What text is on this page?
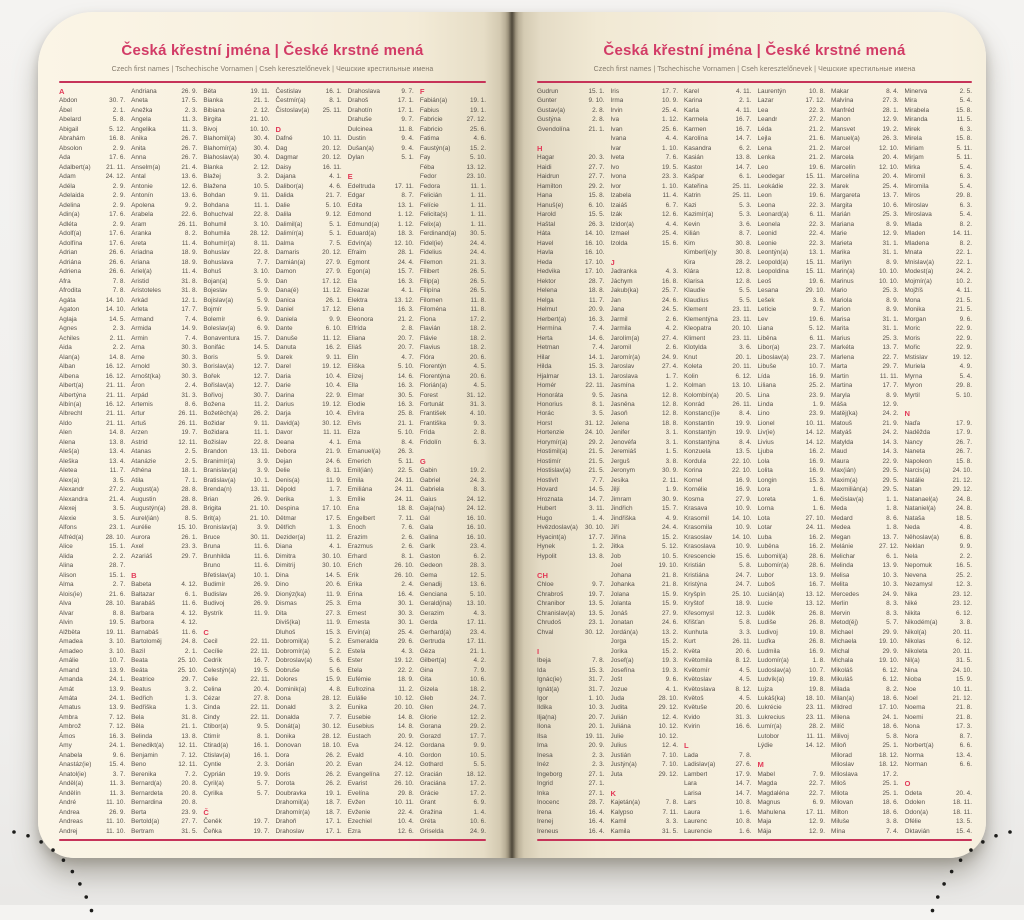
Česká křestní jména | České krstné mená
Czech first names | Tschechische Vornamen | Cseh keresztelőnevek | Чешские крестильные имена
A
Abdon	30. 7.
Ábel	2. 1.
Abelard	5. 8.
Abigail	5. 12.
Abrahám	16. 8.
Absolon	2. 9.
Ada	17. 6.
Adalbert(a) 21. 11.
Adam	24. 12.
Adéla	2. 9.
Adelaida	2. 9.
Adelina	2. 9.
Adin(a)	17. 6.
Adléta	2. 9.
Adolf(a)	17. 6.
Adolfína	17. 6.
Adrian	26. 6.
Adriána	26. 6.
Adriena	26. 6.
Afra	7. 8.
Afrodita	7. 8.
Agáta	14. 10.
Agaton	14. 10.
Aglaja	14. 5.
Agnes	2. 3.
Achiles	2. 11.
Aida	2. 2.
Alan(a)	14. 8.
Alban	16. 12.
Albena	16. 12.
Albert(a)	21. 11.
Albertýna	21. 11.
Albín(a)	16. 12.
Albrecht	21. 11.
Aldo	21. 11.
Alen	14. 8.
Alena	13. 8.
Aleš(a)	13. 4.
Aleška	13. 4.
Aletea	11. 7.
Alex(a)	3. 5.
Alexandr	27. 2.
Alexandra	21. 4.
Alexej	3. 5.
Alexie	3. 5.
Alfons	23. 1.
Alfréd(a)	28. 10.
Alice	15. 1.
Alida	2. 2.
Alina	28. 7.
Alison	15. 1.
Alma	2. 7.
Alois(ie)	21. 6.
Alva	28. 10.
Alvar	8. 8.
Alvin	19. 5.
Alžběta	19. 11.
Amadea	3. 10.
Amadeo	3. 10.
Amálie	10. 7.
Amand	13. 9.
Amanda	24. 1.
Amát	13. 9.
Amáta	24. 1.
Amatus	13. 9.
Ambra	7. 12.
Ambrož	7. 12.
Ámos	16. 3.
Amy	24. 1.
Anabela	9. 6.
Anastáz(ie)	15. 4.
Anatol(ie)	3. 7.
Anděl(a)	11. 3.
Andělín	11. 3.
André	11. 10.
Andrea	26. 9.
Andreas	11. 10.
Andrej	11. 10.
Andriana	26. 9.
Aneta	17. 5.
Anežka	2. 3.
Angela	11. 3.
Angelika	11. 3.
Anika	26. 7.
Anita	26. 7.
Anna	26. 7.
Anselm(a)	21. 4.
Antal	13. 6.
Antonie	12. 6.
Antonín	13. 6.
Apolena	9. 2.
Arabela	22. 6.
Aram	26. 11.
Aranka	8. 2.
Areta	11. 4.
Ariadna	18. 9.
Ariana	18. 9.
Ariel(a)	11. 4.
Aristid	31. 8.
Aristoteles	31. 8.
Arkád	12. 1.
Arleta	17. 7.
Armand	7. 4.
Armida	14. 9.
Armin	7. 4.
Arna	30. 3.
Arne	30. 3.
Arnold	30. 3.
Arnošt(ka)	30. 3.
Áron	2. 4.
Arpád	31. 3.
Artemis	8. 6.
Artur	26. 11.
Artuš	26. 11.
Arzen	19. 7.
Astrid	12. 11.
Atanas	2. 5.
Atanázie	2. 5.
Athéna	18. 1.
Atila	7. 1.
August(a)	28. 8.
Augustin	28. 8.
Augustýn(a) 28. 8.
Aurel(ián)	8. 5.
Aurélie	15. 10.
Aurora	26. 1.
Axel	23. 3.
Azariáš	29. 7.
B
Babeta	4. 12.
Baltazar	6. 1.
Barabáš	11. 6.
Barbara	4. 12.
Barbora	4. 12.
Barnabáš	11. 6.
Bartoloměj	24. 8.
Bazil	2. 1.
Beata	25. 10.
Beáta	25. 10.
Beatrice	29. 7.
Beatus	3. 2.
Bedřich	1. 3.
Bedřiška	1. 3.
Bela	31. 8.
Běla	21. 1.
Belinda	13. 8.
Benedikt(a) 12. 11.
Benjamin	7. 12.
Beno	12. 11.
Berenika	7. 2.
Bernard(a)	20. 8.
Bernardeta	20. 8.
Bernardina	20. 8.
Berta	23. 9.
Bertold(a)	27. 7.
Bertram	31. 5.
Běta	19. 11.
Bianka	21. 1.
Bibiana	2. 12.
Birgita	21. 10.
Bivoj	10. 10.
Blahomil(a)	30. 4.
Blahomír(a)	30. 4.
Blahoslav(a) 30. 4.
Blanka	2. 12.
Blažej	3. 2.
Blažena	10. 5.
Bohdan	9. 11.
Bohdana	11. 1.
Bohuchval	22. 8.
Bohumil	3. 10.
Bohumila	28. 12.
Bohumír(a)	8. 11.
Bohuslav	22. 8.
Bohuslava	7. 7.
Bohuš	3. 10.
Bojan(a)	5. 9.
Bojeslav	5. 9.
Bojislav(a)	5. 9.
Bojmír	5. 9.
Bolemír	6. 9.
Boleslav(a)	6. 9.
Bonaventura 15. 7.
Bonifác	14. 5.
Boris	5. 9.
Borislav(a)	12. 7.
Bořek	12. 7.
Bořislav(a)	12. 7.
Bořivoj	30. 7.
Božena	11. 2.
Božetěch(a) 26. 2.
Božidar	9. 11.
Božidara	11. 1.
Božislav	22. 8.
Brandon	13. 11.
Branimír(a)	3. 9.
Branislav(a)	3. 9.
Bratislav(a)	10. 1.
Brenda(n)	13. 11.
Brian	26. 9.
Brigita	21. 10.
Brit(a)	21. 10.
Bronislav(a)	3. 9.
Bruce	30. 11.
Bruna	11. 6.
Brunhilda	11. 6.
Bruno	11. 6.
Břetislav(a)	10. 1.
Budimír	26. 9.
Budislav	26. 9.
Budivoj	26. 9.
Bystrík	11. 9.
C
Cecil	22. 11.
Cecílie	22. 11.
Cedrik	16. 7.
Celestýn(a)	19. 5.
Celie	22. 11.
Celina	20. 4.
Cézar	27. 8.
Cinda	22. 11.
Cindy	22. 11.
Ctibor(a)	9. 5.
Ctimír	8. 1.
Ctirad(a)	16. 1.
Ctislav(a)	16. 1.
Cyntie	2. 3.
Cyprián	19. 9.
Cyril(a)	5. 7.
Cyrilka	5. 7.
Č
Čeněk	19. 7.
Čeňka	19. 7.
Čestislav	16. 1.
Čestmír(a)	8. 1.
Čistoslav(a) 25. 11.
D
Dafné	10. 11.
Dag	20. 12.
Dagmar	20. 12.
Daisy	16. 11.
Dajana	4. 1.
Dalibor(a)	4. 6.
Dalida	21. 7.
Dalie	5. 10.
Dalila	9. 12.
Dalimil(a)	5. 1.
Dalimír(a)	5. 1.
Dalma	7. 5.
Damaris	20. 12.
Damián(a)	27. 9.
Damon	27. 9.
Dan	17. 12.
Dana(é)	11. 12.
Danica	26. 1.
Daniel	17. 12.
Daniela	9. 9.
Dante	6. 10.
Danuše	11. 12.
Danuta	16. 2.
Darek	9. 11.
Darel	19. 12.
Daria	10. 4.
Darie	10. 4.
Darina	22. 9.
Darius	19. 12.
Darja	10. 4.
David(a)	30. 12.
Davor	11. 11.
Deana	4. 1.
Debora	21. 9.
Dejan	24. 6.
Delie	8. 11.
Denis(a)	11. 9.
Děpold	1. 7.
Derika	1. 3.
Despina	17. 10.
Dětmar	17. 5.
Dětřich	1. 3.
Dezider(a)	11. 2.
Diana	4. 1.
Dimitra	30. 10.
Dimitrij	30. 10.
Dina	14. 5.
Dino	20. 6.
Dionýz(ka)	11. 9.
Dismas	25. 3.
Dita	27. 3.
Diviš(ka)	11. 9.
Dluhoš	15. 3.
Dobromil(a)	5. 2.
Dobromír(a)	5. 2.
Dobroslav(a)	5. 6.
Dobruše	5. 6.
Dolores	15. 9.
Dominik(a)	4. 8.
Dona	28. 12.
Donald	3. 2.
Donalda	7. 7.
Donát(a)	30. 12.
Donika	28. 12.
Donovan	18. 10.
Dora	26. 2.
Dorián	20. 2.
Doris	26. 2.
Dorota	26. 2.
Doubravka	19. 1.
Drahomil(a)	18. 7.
Drahomír(a) 18. 7.
Drahoň	17. 1.
Drahoslav	17. 1.
Drahoslava	9. 7.
Drahoš	17. 1.
Drahotín	17. 1.
Drahuše	9. 7.
Dulcinea	11. 8.
Dustin	9. 4.
Dušan(a)	9. 4.
Dylan	5. 1.
E
Edeltruda	17. 11.
Edgar	8. 7.
Edita	13. 1.
Edmond	1. 12.
Edmund(a)	1. 12.
Eduard(a)	18. 3.
Edvín(a)	12. 10.
Efraim	28. 1.
Egmont	24. 4.
Egon(a)	15. 7.
Ela	16. 3.
Eleazar	4. 1.
Elektra	13. 12.
Elena	16. 3.
Eleonora	21. 2.
Elfrída	2. 8.
Eliana	20. 7.
Eliáš	20. 7.
Elin	4. 7.
Eliška	5. 10.
Elizej	14. 6.
Ella	16. 3.
Elmar	30. 5.
Elodie	16. 3.
Elvíra	25. 8.
Elvis	21. 1.
Elza	5. 10.
Ema	8. 4.
Emanuel(a)	26. 3.
Emerich	5. 11.
Emil(ián)	22. 5.
Emila	24. 11.
Emiliána	24. 11.
Emílie	24. 11.
Ena	18. 8.
Engelbert	7. 11.
Enoch	7. 6.
Erazim	2. 6.
Erazmus	2. 6.
Erhard	8. 1.
Erich	26. 10.
Erik	26. 10.
Erika	2. 4.
Erina	16. 4.
Erna	30. 1.
Ernest	30. 3.
Ernesta	30. 1.
Ervín(a)	25. 4.
Esmeralda	29. 6.
Estela	4. 3.
Ester	19. 12.
Etela	22. 2.
Eufémie	18. 9.
Eufrozina	11. 2.
Eulálie	10. 12.
Eunika	20. 10.
Eusebie	14. 8.
Eusebius	14. 8.
Eustach	20. 9.
Eva	24. 12.
Evald	4. 10.
Evan	24. 12.
Evangelína 27. 12.
Evarist	26. 10.
Evelína	29. 8.
Evžen	10. 11.
Evženie	22. 4.
Ezechiel	10. 4.
Ezra	12. 6.
F
Fabián(a)	19. 1.
Fabius	19. 1.
Fabricie	27. 12.
Fabricio	25. 6.
Fatima	4. 6.
Faustýn(a)	15. 2.
Fay	5. 10.
Féba	13. 12.
Fedor	23. 10.
Fedora	11. 1.
Felicián	1. 11.
Felície	1. 11.
Felicita(s)	1. 11.
Felix(a)	1. 11.
Ferdinand(a) 30. 5.
Fidel(ie)	24. 4.
Fidelius	24. 4.
Filemon	21. 3.
Filibert	26. 5.
Filip(a)	26. 5.
Filipína	26. 5.
Filomen	11. 8.
Filoména	11. 8.
Fiona	17. 2.
Flavián	18. 2.
Flávie	18. 2.
Flavius	18. 2.
Flóra	20. 6.
Florentýn	4. 5.
Florentýna	20. 6.
Florián(a)	4. 5.
Forest	31. 12.
Fortunát	31. 3.
František	4. 10.
Františka	9. 3.
Frída	2. 8.
Fridolín	6. 3.
G
Gabin	19. 2.
Gabriel	24. 3.
Gabriela	8. 3.
Gaius	24. 12.
Gaja(na)	24. 12.
Gál	16. 10.
Gala	16. 10.
Galina	16. 10.
Garik	23. 4.
Gaston	6. 2.
Gedeon	28. 3.
Gema	12. 5.
Genadij	13. 6.
Genciana	5. 10.
Gerald(ina) 13. 10.
Gerazim	4. 3.
Gerda	17. 11.
Gerhard(a)	23. 4.
Gertruda	17. 11.
Géza	21. 1.
Gilbert(a)	4. 2.
Gina	7. 9.
Gita	10. 6.
Gizela	18. 2.
Gleb	24. 7.
Glen	24. 7.
Glorie	12. 2.
Gorana	29. 2.
Gorazd	17. 7.
Gordana	9. 9.
Gordon	10. 5.
Gothard	5. 5.
Gracián	18. 12.
Graciána	17. 2.
Grácie	17. 2.
Grant	6. 9.
Gražina	1. 4.
Gréta	10. 6.
Griselda	24. 9.
Česká křestní jména | České krstné mená
Czech first names | Tschechische Vornamen | Cseh keresztelőnevek | Чешские крестильные имена
Gudrun	15. 1.
Gunter	9. 10.
Gustav(a)	2. 8.
Gustýna	2. 8.
Gvendolína	21. 1.
H
Hagar	20. 3.
Haidi	27. 7.
Haidrun	27. 7.
Hamilton	29. 2.
Hana	15. 8.
Hanuš(e)	6. 10.
Harold	15. 5.
Haštal	26. 3.
Háta	14. 10.
Havel	16. 10.
Havla	16. 10.
Heda	17. 10.
Hedvika	17. 10.
Hektor	28. 7.
Helena	18. 8.
Helga	11. 7.
Helmut	20. 9.
Herbert(a)	16. 3.
Hermína	7. 4.
Herta	14. 6.
Hetman	7. 4.
Hilar	14. 1.
Hilda	15. 3.
Hjalmar	13. 1.
Homér	22. 11.
Honoráta	9. 5.
Honorius	8. 1.
Horác	3. 5.
Horst	31. 12.
Hortenzie	24. 10.
Horymír(a)	29. 2.
Hostimil(a)	21. 5.
Hostimír	21. 5.
Hostislav(a)	21. 5.
Hostivít	7. 7.
Hovard	14. 5.
Hroznata	14. 7.
Hubert	3. 11.
Hugo	1. 4.
Hvězdoslav(a) 30. 10.
Hyacint(a)	17. 7.
Hynek	1. 2.
Hypolit	13. 8.
CH
Chloe	9. 7.
Chrabroš	19. 7.
Chranibor	13. 5.
Chranislav(a) 13. 5.
Chrudoš	23. 1.
Chval	30. 12.
I
Ibeja	7. 8.
Ida	15. 3.
Ignác(ie)	31. 7.
Ignát(a)	31. 7.
Igor	1. 10.
Ildika	10. 3.
Ilja(na)	20. 7.
Ilona	20. 1.
Ilsa	19. 11.
Ima	20. 9.
Inesa	2. 3.
Inéz	2. 3.
Ingeborg	27. 1.
Ingrid	27. 1.
Inka	27. 1.
Inocenc	28. 7.
Irena	16. 4.
Irenej	16. 4.
Ireneus	16. 4.
Iris	17. 7.
Irma	10. 9.
Irvin	25. 4.
Iva	1. 12.
Ivan	25. 6.
Ivana	4. 4.
Ivar	1. 10.
Iveta	7. 6.
Ivo	19. 5.
Ivona	23. 3.
Ivor	1. 10.
Izabela	11. 4.
Izaiáš	6. 7.
Izák	12. 6.
Izidor(a)	4. 4.
Izmael	25. 4.
Izolda	15. 6.
J
Jadranka	4. 3.
Jáchym	16. 8.
Jakub(ka)	25. 7.
Jan	24. 6.
Jana	24. 5.
Jarmil	2. 6.
Jarmila	4. 2.
Jarolím(a)	27. 4.
Jaromil	2. 6.
Jaromír(a)	24. 9.
Jaroslav	27. 4.
Jaroslava	1. 7.
Jasmína	1. 2.
Jasna	12. 8.
Jasněna	12. 8.
Jasoň	12. 8.
Jelena	18. 8.
Jenifer	3. 1.
Jenovéfa	3. 1.
Jeremiáš	1. 5.
Jerguš	3. 8.
Jeronym	30. 9.
Jesika	2. 11.
Jiljí	1. 9.
Jimram	30. 9.
Jindřich	15. 7.
Jindřiška	4. 9.
Jiří	24. 4.
Jiřina	15. 2.
Jitka	5. 12.
Job	10. 5.
Joel	19. 10.
Johana	21. 8.
Johanka	21. 8.
Jolana	15. 9.
Jolanta	15. 9.
Jonáš	27. 9.
Jonatan	24. 6.
Jordán(a)	13. 2.
Jorga	15. 2.
Jorika	15. 2.
Josef(a)	19. 3.
Josefína	19. 3.
Jošt	9. 6.
Jozue	4. 1.
Juda	28. 10.
Judita	29. 12.
Julián	12. 4.
Juliána	10. 12.
Julie	10. 12.
Julius	12. 4.
Justián	7. 10.
Justýn(a)	7. 10.
Juta	29. 12.
K
Kajetán(a)	7. 8.
Kalypso	7. 11.
Kamil	3. 3.
Kamila	31. 5.
Karel	4. 11.
Karina	2. 1.
Karla	4. 11.
Karmela	16. 7.
Karmen	16. 7.
Karolína	14. 7.
Kasandra	6. 2.
Kasián	13. 8.
Kastor	14. 7.
Kašpar	6. 1.
Kateřina	25. 11.
Katrin	25. 11.
Kazi	5. 3.
Kazimír(a)	5. 3.
Kevin	3. 6.
Kilián	8. 7.
Kim	30. 8.
Kimberl(e)y	30. 8.
Kira	28. 2.
Klára	12. 8.
Klarisa	12. 8.
Klaudie	5. 5.
Klaudius	5. 5.
Klement	23. 11.
Klementýna 23. 11.
Kleopatra	20. 10.
Kliment	23. 11.
Klotylda	3. 6.
Knut	20. 1.
Koleta	20. 11.
Kolin	6. 12.
Kolman	13. 10.
Kolombín(a)	20. 5.
Konrád	26. 11.
Konstanc(i)e	8. 4.
Konstantin	19. 9.
Konstantýn	19. 9.
Konstantýna	8. 4.
Konzuela	13. 5.
Kordula	22. 10.
Korina	22. 10.
Kornel	16. 9.
Kornélie	16. 9.
Kosma	27. 9.
Krasava	10. 9.
Krasomil	14. 10.
Krasomila	10. 9.
Krasoslav	14. 10.
Krasoslava	10. 9.
Krescencie	15. 6.
Kristián	5. 8.
Kristiána	24. 7.
Kristýna	24. 7.
Kryšpín	25. 10.
Kryštof	18. 9.
Křesomysl	12. 3.
Křišťan	5. 8.
Kunhuta	3. 3.
Kurt	26. 11.
Květa	20. 6.
Květomila	8. 12.
Květomír	4. 5.
Květoslav	4. 5.
Květoslava	8. 12.
Květoš	4. 5.
Květuše	20. 6.
Kvido	31. 3.
Kvirin	16. 6.
L
Lada	7. 8.
Ladislav(a)	27. 6.
Lambert	17. 9.
Lara	14. 7.
Larisa	14. 7.
Lars	10. 8.
Laura	1. 6.
Laurenc	10. 8.
Laurencie	1. 6.
Laurentýn	10. 8.
Lazar	17. 12.
Lea	22. 3.
Leandr	27. 2.
Léda	21. 2.
Lejla	21. 6.
Lena	21. 2.
Lenka	21. 2.
Leo	19. 6.
Leodegar	15. 11.
Leokádie	22. 3.
Leon	19. 6.
Leona	22. 3.
Leonard(a)	6. 11.
Leonela	22. 3.
Leonid	22. 4.
Leonie	22. 3.
Leontýn(a)	13. 1.
Leopold(a)	15. 11.
Leopoldina	15. 11.
Leoš	19. 6.
Lesana	29. 10.
Lešek	3. 6.
Letície	9. 7.
Lev	19. 6.
Liana	5. 12.
Liběna	6. 11.
Libor(a)	23. 7.
Liboslav(a)	23. 7.
Libuše	10. 7.
Lída	16. 9.
Liliana	25. 2.
Lina	23. 9.
Linda	1. 9.
Lino	23. 9.
Lionel	10. 11.
Liv(ie)	14. 12.
Livius	14. 12.
Ljuba	16. 2.
Lola	16. 9.
Lolita	16. 9.
Longin	15. 3.
Lora	1. 6.
Loreta	1. 6.
Lorna	1. 6.
Lota	27. 10.
Lotar	24. 11.
Luba	16. 2.
Luběna	16. 2.
Lubomil(a)	28. 6.
Lubomír(a)	28. 6.
Lubor	13. 9.
Luboš	16. 7.
Lucián(a)	13. 12.
Lucie	13. 12.
Luděk	26. 8.
Ludiše	26. 8.
Ludivoj	19. 8.
Luďka	26. 8.
Ludmila	16. 9.
Ludomír(a)	1. 8.
Ludoslav(a)	10. 7.
Ludvík(a)	19. 8.
Lujza	19. 8.
Lukáš(ka)	18. 10.
Lukrécie	23. 11.
Lukrecius	23. 11.
Lumír(a)	28. 2.
Lutobor	11. 11.
Lýdie	14. 12.
M
Mabel	7. 9.
Magda	22. 7.
Magdaléna	22. 7.
Magnus	6. 9.
Mahulena	17. 11.
Maja	12. 9.
Mája	12. 9.
Makar	8. 4.
Malvína	27. 3.
Manfréd	28. 1.
Manon	12. 9.
Mansvet	19. 2.
Manuel(a)	26. 3.
Marcel	12. 10.
Marcela	20. 4.
Marcelín	12. 10.
Marcelína	20. 4.
Marek	25. 4.
Margareta	13. 7.
Margita	10. 6.
Marián	25. 3.
Mariana	8. 9.
Marie	12. 9.
Marieta	31. 1.
Marika	31. 1.
Marilyn	8. 9.
Marin(a)	10. 10.
Marinus	10. 10.
Mario	25. 3.
Mariola	8. 9.
Marion	8. 9.
Marisa	31. 1.
Marita	31. 1.
Marius	25. 3.
Markéta	13. 7.
Marlena	22. 7.
Marta	29. 7.
Martin	11. 11.
Martina	17. 7.
Maryla	8. 9.
Máša	12. 9.
Matěj(ka)	24. 2.
Matouš	21. 9.
Matyáš	24. 2.
Matylda	14. 3.
Maud	14. 3.
Maura	22. 9.
Max(ián)	29. 5.
Maxim(a)	29. 5.
Maxmilián(a) 29. 5.
Mečislav(a)	1. 1.
Meda	1. 8.
Medard	8. 6.
Medea	1. 8.
Megan	13. 7.
Melánie	27. 12.
Melichar	6. 1.
Melinda	13. 9.
Melisa	10. 3.
Melita	10. 3.
Mercedes	24. 9.
Merlin	8. 3.
Mervin	8. 3.
Metod(ěj)	5. 7.
Michael	29. 9.
Michaela	19. 10.
Michal	29. 9.
Michala	19. 10.
Mikoláš	6. 12.
Mikuláš	6. 12.
Milada	8. 2.
Milan(a)	18. 6.
Mildred	17. 10.
Milena	24. 1.
Milíč	18. 6.
Milivoj	5. 8.
Miloň	25. 1.
Milorad	18. 12.
Miloslav	18. 12.
Miloslava	17. 2.
Miloš	25. 1.
Milota	25. 1.
Milovan	18. 6.
Milton	18. 6.
Miluše	3. 8.
Mína	7. 4.
Minerva	2. 5.
Mira	5. 4.
Mirabela	15. 8.
Miranda	11. 5.
Mirek	6. 3.
Mirela	15. 8.
Miriam	5. 11.
Mirjam	5. 11.
Mirka	5. 4.
Miromil	6. 3.
Miromila	5. 4.
Miros	29. 8.
Miroslav	6. 3.
Miroslava	5. 4.
Mlada	8. 2.
Mladen	14. 11.
Mladena	8. 2.
Mnata	22. 1.
Mnislav(a)	22. 1.
Modest(a)	24. 2.
Mojmír(a)	10. 2.
Mojžíš	4. 11.
Mona	21. 5.
Monika	21. 5.
Morgan	9. 6.
Moric	22. 9.
Moris	22. 9.
Mořic	22. 9.
Mstislav	19. 12.
Muriela	4. 9.
Myrna	5. 4.
Myron	29. 8.
Myrtil	5. 10.
N
Naďa	17. 9.
Naděžda	17. 9.
Nancy	26. 7.
Naneta	26. 7.
Napoleon	15. 8.
Narcis(a)	24. 10.
Natálie	21. 12.
Natan	29. 12.
Natanael(a)	24. 8.
Nataniel(a)	24. 8.
Nataša	18. 5.
Neda	4. 8.
Něhoslav(a)	6. 8.
Neklan	9. 9.
Nela	2. 2.
Nepomuk	16. 5.
Nevena	25. 2.
Nezamysl	12. 3.
Nika	23. 12.
Niké	23. 12.
Nikita	6. 12.
Nikodém(a)	3. 8.
Nikol(a)	20. 11.
Nikolas	6. 12.
Nikoleta	20. 11.
Nil(a)	31. 5.
Nina	24. 10.
Nioba	15. 9.
Noe	10. 11.
Noel	21. 12.
Noema	21. 8.
Noemi	21. 8.
Nona	17. 3.
Nora	8. 7.
Norbert(a)	6. 6.
Norma	13. 4.
Norman	6. 6.
O
Odeta	20. 4.
Odolen	18. 11.
Odon(a)	18. 11.
Ofélie	13. 5.
Oktavián	15. 4.
